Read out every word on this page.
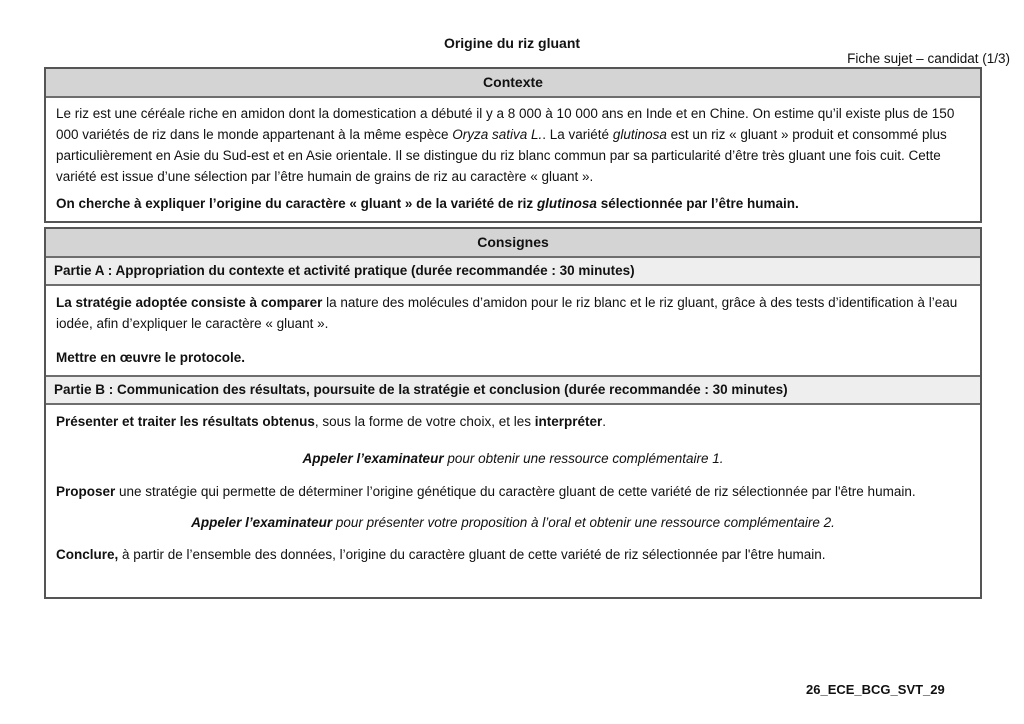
Origine du riz gluant
Fiche sujet – candidat (1/3)
Contexte

Le riz est une céréale riche en amidon dont la domestication a débuté il y a 8 000 à 10 000 ans en Inde et en Chine. On estime qu’il existe plus de 150 000 variétés de riz dans le monde appartenant à la même espèce Oryza sativa L.. La variété glutinosa est un riz « gluant » produit et consommé plus particulièrement en Asie du Sud-est et en Asie orientale. Il se distingue du riz blanc commun par sa particularité d’être très gluant une fois cuit. Cette variété est issue d’une sélection par l’être humain de grains de riz au caractère « gluant ».

On cherche à expliquer l’origine du caractère « gluant » de la variété de riz glutinosa sélectionnée par l’être humain.

Consignes
Partie A : Appropriation du contexte et activité pratique (durée recommandée : 30 minutes)

La stratégie adoptée consiste à comparer la nature des molécules d’amidon pour le riz blanc et le riz gluant, grâce à des tests d’identification à l’eau iodée, afin d’expliquer le caractère « gluant ».

Mettre en œuvre le protocole.

Partie B : Communication des résultats, poursuite de la stratégie et conclusion (durée recommandée : 30 minutes)

Présenter et traiter les résultats obtenus, sous la forme de votre choix, et les interpréter.

Appeler l’examinateur pour obtenir une ressource complémentaire 1.

Proposer une stratégie qui permette de déterminer l’origine génétique du caractère gluant de cette variété de riz sélectionnée par l'être humain.

Appeler l’examinateur pour présenter votre proposition à l’oral et obtenir une ressource complémentaire 2.

Conclure, à partir de l’ensemble des données, l’origine du caractère gluant de cette variété de riz sélectionnée par l'être humain.

26_ECE_BCG_SVT_29
